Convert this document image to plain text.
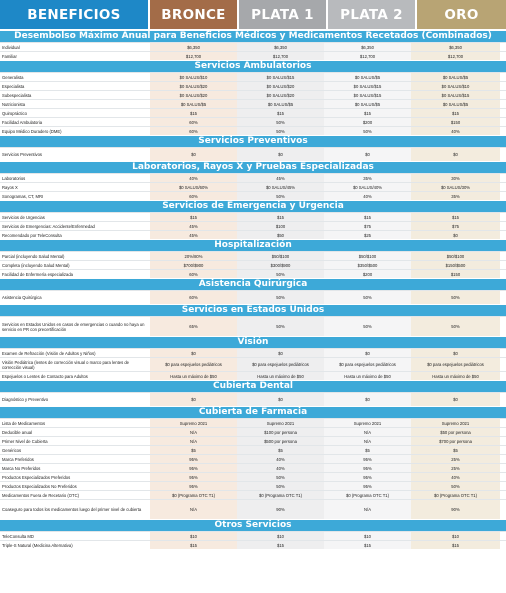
BENEFICIOS	BRONCE	PLATA 1	PLATA 2	ORO
Desembolso Máximo Anual para Beneficios Médicos y Medicamentos Recetados (Combinados)
Individual	$6,350	$6,350	$6,350	$6,350
Familiar	$12,700	$12,700	$12,700	$12,700
Servicios Ambulatorios
Generalista	$0 SALUS/$10	$0 SALUS/$15	$0 SALUS/$5	$0 SALUS/$5
Especialista	$0 SALUS/$20	$0 SALUS/$20	$0 SALUS/$15	$0 SALUS/$10
Subespecialista	$0 SALUS/$20	$0 SALUS/$20	$0 SALUS/$15	$0 SALUS/$15
Nutricionista	$0 SALUS/$5	$0 SALUS/$5	$0 SALUS/$5	$0 SALUS/$5
Quiropráctico	$15	$15	$15	$15
Facilidad Ambulatoria	60%	50%	$200	$150
Equipo Médico Duradero (DME)	60%	50%	50%	40%
Servicios Preventivos
Servicios Preventivos	$0	$0	$0	$0
Laboratorios, Rayos X y Pruebas Especializadas
Laboratorios	40%	45%	35%	30%
Rayos X	$0 SALUS/60%	$0 SALUS/45%	$0 SALUS/40%	$0 SALUS/30%
Sonogramas, CT, MRI	60%	50%	40%	35%
Servicios de Emergencia y Urgencia
Servicios de Urgencias	$15	$15	$15	$15
Servicios de Emergencias: Accidente/Enfermedad	45%	$100	$75	$75
Recomendado por TeleConsulta	45%	$50	$25	$0
Hospitalización
Parcial (incluyendo Salud Mental)	20%/80%	$50/$100	$50/$100	$50/$100
Completa (incluyendo Salud Mental)	$700/$900	$300/$900	$350/$500	$150/$500
Facilidad de Enfermería especializada	60%	50%	$200	$150
Asistencia Quirúrgica
Asistencia Quirúrgica	60%	50%	50%	50%
Servicios en Estados Unidos
Servicios en Estados Unidos en casos de emergencias o cuando no haya un servicio en PR con precertificación	65%	50%	50%	50%
Visión
Examen de Refracción (Visión de Adultos y Niños)	$0	$0	$0	$0
Visión Pediátrica (lentes de corrección visual o marco para lentes de corrección visual)	$0 para espejuelos pediátricos	$0 para espejuelos pediátricos	$0 para espejuelos pediátricos	$0 para espejuelos pediátricos
Espejuelos o Lentes de Contacto para Adultos	Hasta un máximo de $50	Hasta un máximo de $50	Hasta un máximo de $50	Hasta un máximo de $50
Cubierta Dental
Diagnóstico y Preventivo	$0	$0	$0	$0
Cubierta de Farmacia
Lista de Medicamentos	Supremo 2021	Supremo 2021	Supremo 2021	Supremo 2021
Deducible anual	N/A	$100 por persona	N/A	$50 por persona
Primer Nivel de Cubierta	N/A	$500 por persona	N/A	$700 por persona
Genéricos	$5	$5	$5	$5
Marca Preferidos	95%	40%	95%	25%
Marca No Preferidos	95%	40%	95%	25%
Productos Especializados Preferidos	95%	50%	95%	40%
Productos Especializados No Preferidos	95%	50%	95%	50%
Medicamentos Fuera de Recetario (OTC)	$0 (Programa OTC T1)	$0 (Programa OTC T1)	$0 (Programa OTC T1)	$0 (Programa OTC T1)
Coaseguro para todos los medicamentos luego del primer nivel de cubierta	N/A	90%	N/A	90%
Otros Servicios
TeleConsulta MD	$10	$10	$10	$10
Triple-S Natural (Medicina Alternativa)	$15	$15	$15	$15
